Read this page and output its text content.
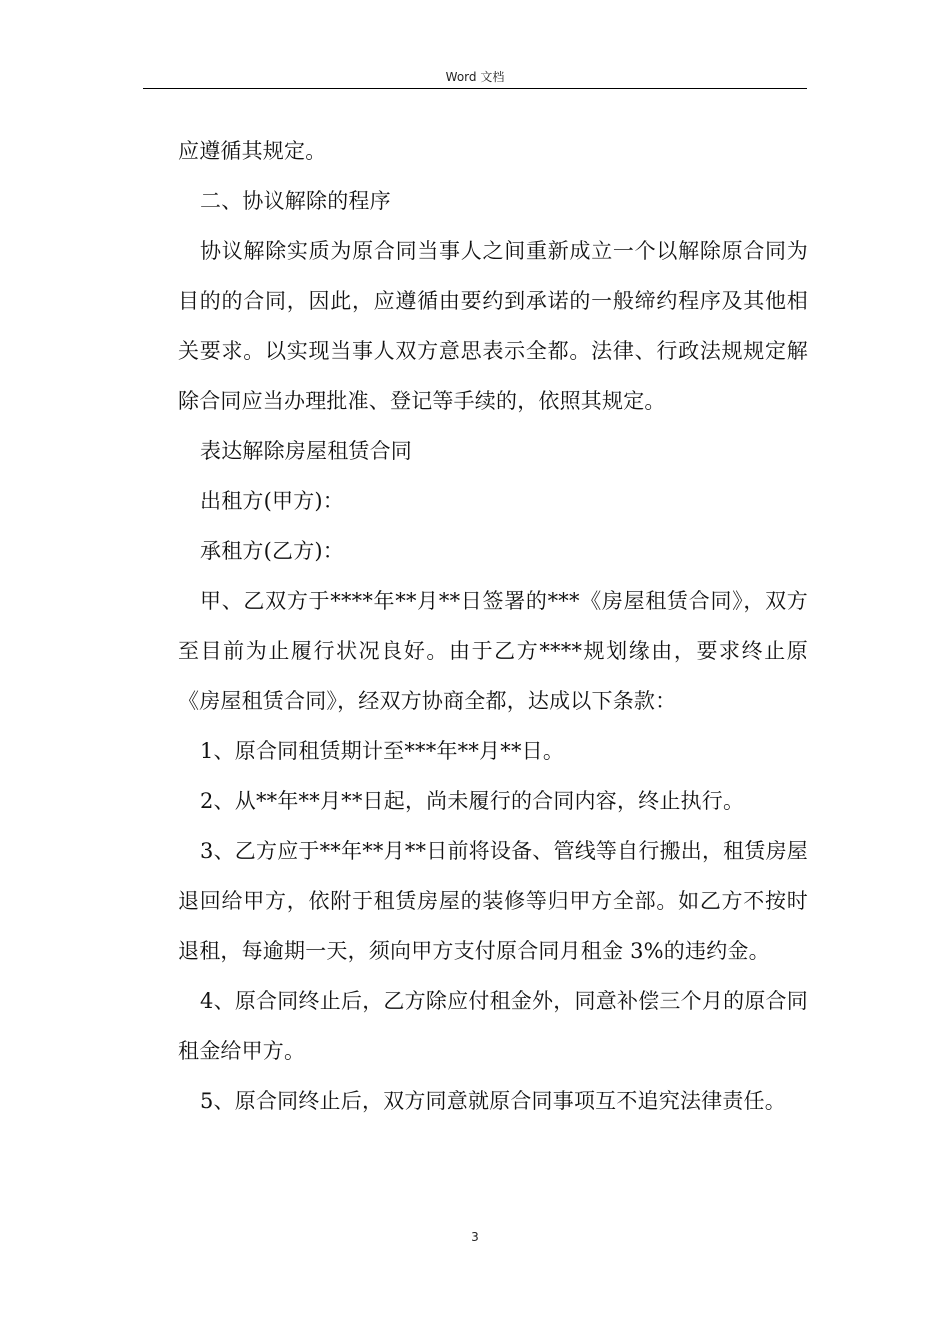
Word 文档

应遵循其规定。

二、协议解除的程序

协议解除实质为原合同当事人之间重新成立一个以解除原合同为目的的合同，因此，应遵循由要约到承诺的一般缔约程序及其他相关要求。以实现当事人双方意思表示全都。法律、行政法规规定解除合同应当办理批准、登记等手续的，依照其规定。

表达解除房屋租赁合同

出租方(甲方)：

承租方(乙方)：

甲、乙双方于****年**月**日签署的***《房屋租赁合同》，双方至目前为止履行状况良好。由于乙方****规划缘由，要求终止原《房屋租赁合同》，经双方协商全都，达成以下条款：

1、原合同租赁期计至***年**月**日。

2、从**年**月**日起，尚未履行的合同内容，终止执行。

3、乙方应于**年**月**日前将设备、管线等自行搬出，租赁房屋退回给甲方，依附于租赁房屋的装修等归甲方全部。如乙方不按时退租，每逾期一天，须向甲方支付原合同月租金 3%的违约金。

4、原合同终止后，乙方除应付租金外，同意补偿三个月的原合同租金给甲方。

5、原合同终止后，双方同意就原合同事项互不追究法律责任。

3
